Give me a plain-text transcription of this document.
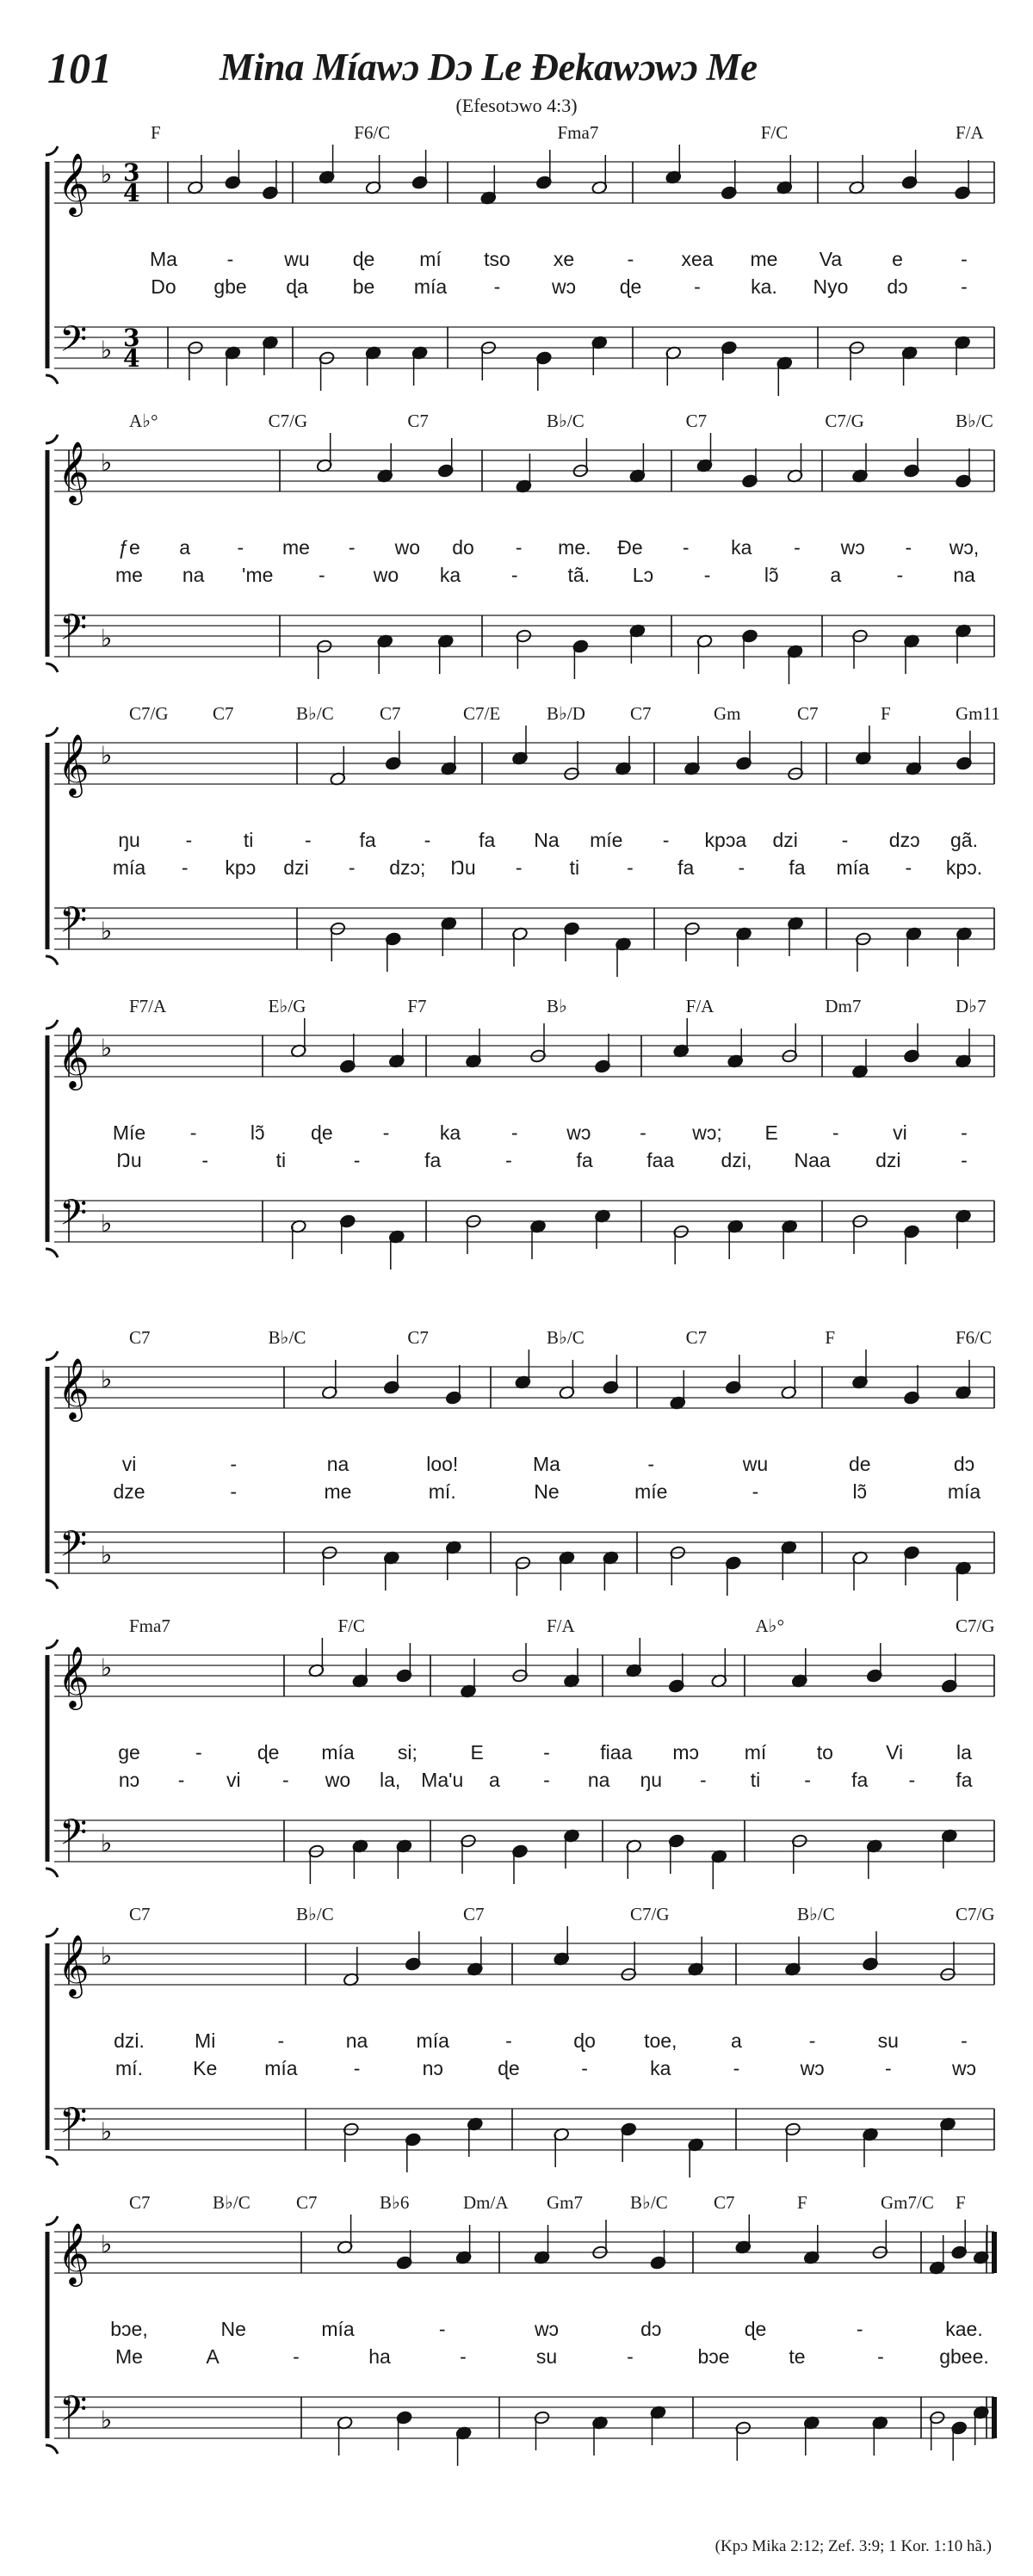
101	Mina Míawɔ Dɔ Le Ɖekawɔwɔ Me
(Efesotɔwo 4:3)
𝄞
𝄢
♭
♭
3
4
3
4
F	F6/C	Fma7	F/C	F/A
Ma	-	wu ɖe mí tso xe	- xea me Va	e	-
Do gbe ɖa be mía -	wɔ ɖe	-	ka. Nyo dɔ	-
𝄞
𝄢
♭
♭
A♭°	C7/G	C7	B♭/C	C7	C7/G	B♭/C
ƒe a - me - wo do - me. Ɖe - ka - wɔ - wɔ,
me na 'me - wo ka	-	tã. Lɔ	-	lɔ̃	a	-	na
𝄞
𝄢
♭
♭
C7/G C7	B♭/C	C7	C7/E	B♭/D C7	Gm	C7	F	Gm11
ŋu -	ti	- fa - fa Na míe - kpɔa dzi - dzɔ gã.
mía - kpɔ dzi - dzɔ; Ŋu - ti - fa - fa mía - kpɔ.
𝄞
𝄢
♭
♭
F7/A	E♭/G	F7	B♭	F/A	Dm7	D♭7
Míe -	lɔ̃ ɖe	-	ka	- wɔ - wɔ; E	-	vi	-
Ŋu	-	ti	-	fa	-	fa	faa dzi, Naa dzi	-
𝄞
𝄢
♭
♭
C7	B♭/C	C7	B♭/C	C7	F	F6/C
vi	-	na	loo!	Ma	-	wu	de	dɔ
dze	-	me	mí.	Ne	míe	-	lɔ̃	mía
𝄞
𝄢
♭
♭
Fma7	F/C	F/A	A♭°	C7/G
ge	-	ɖe mía si;	E	-	fiaa mɔ mí	to	Vi	la
nɔ - vi - wo la, Ma'u a - na ŋu - ti - fa - fa
𝄞
𝄢
♭
♭
C7	B♭/C	C7	C7/G	B♭/C	C7/G
dzi.	Mi	-	na mía	-	ɖo toe,	a	-	su	-
mí.	Ke mía	-	nɔ	ɖe	-	ka	-	wɔ	-	wɔ
𝄞
𝄢
♭
♭
C7	B♭/C	C7	B♭6	Dm/A Gm7	B♭/C	C7	F	Gm7/C F
bɔe,	Ne	mía	-	wɔ	dɔ	ɖe	-	kae.
Me	A	-	ha	-	su	-	bɔe	te	-	gbee.
(Kpɔ Mika 2:12; Zef. 3:9; 1 Kor. 1:10 hã.)
